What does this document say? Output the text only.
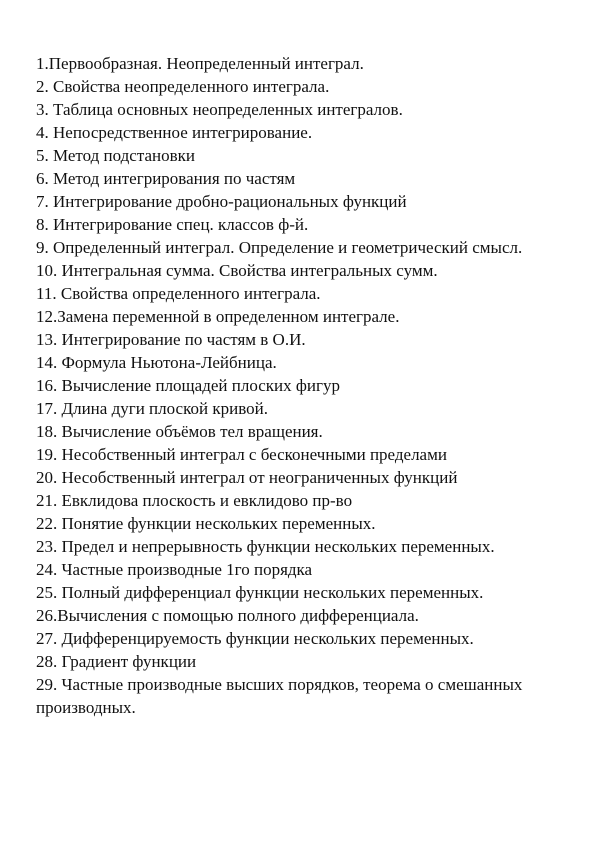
1.Первообразная. Неопределенный интеграл.

2. Свойства неопределенного интеграла.

3. Таблица основных неопределенных интегралов.

4. Непосредственное интегрирование.

5. Метод подстановки

6. Метод интегрирования по частям

7. Интегрирование дробно-рациональных функций

8. Интегрирование спец. классов ф-й.

9. Определенный интеграл. Определение и геометрический смысл.

10. Интегральная сумма. Свойства интегральных сумм.

11. Свойства определенного интеграла.

12.Замена переменной в определенном интеграле.

13. Интегрирование по частям в О.И.

14. Формула Ньютона-Лейбница.

16. Вычисление площадей плоских фигур

17. Длина дуги плоской кривой.

18. Вычисление объёмов тел вращения.

19. Несобственный интеграл с бесконечными пределами

20. Несобственный интеграл от неограниченных функций

21. Евклидова плоскость и евклидово пр-во

22. Понятие функции нескольких переменных.

23. Предел и непрерывность функции нескольких переменных.

24. Частные производные 1го порядка

25. Полный дифференциал функции нескольких переменных.

26.Вычисления с помощью полного дифференциала.

27. Дифференцируемость функции нескольких переменных.

28. Градиент функции

29. Частные производные высших порядков, теорема о смешанных производных.
